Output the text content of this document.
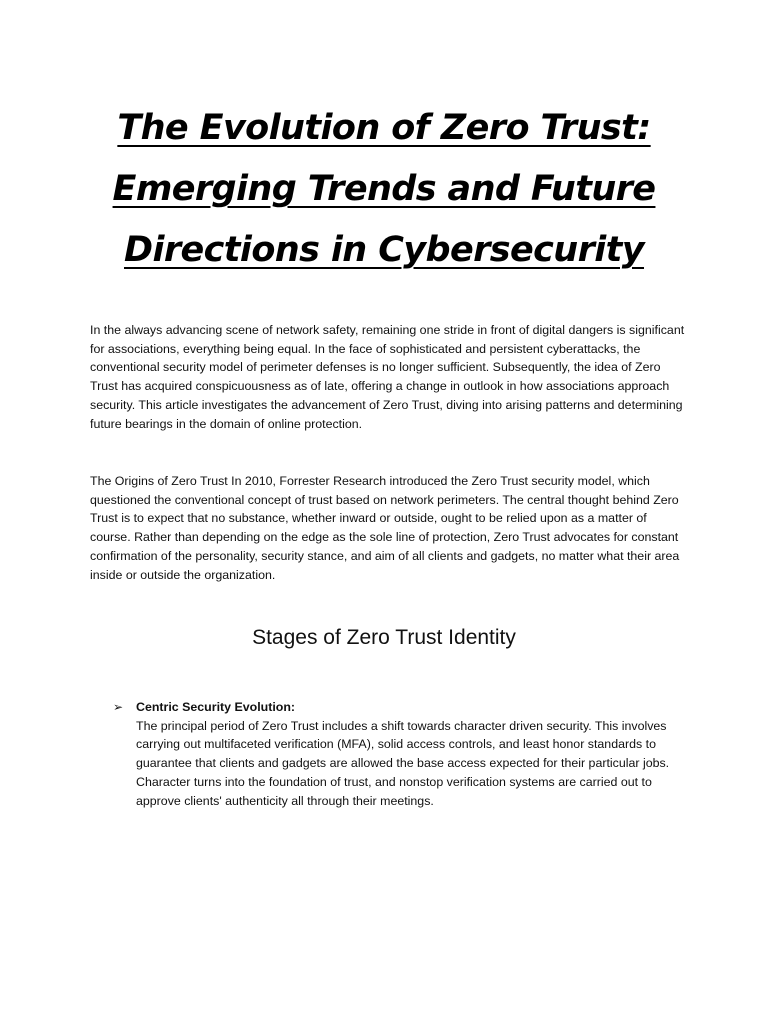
The Evolution of Zero Trust: Emerging Trends and Future Directions in Cybersecurity

In the always advancing scene of network safety, remaining one stride in front of digital dangers is significant for associations, everything being equal. In the face of sophisticated and persistent cyberattacks, the conventional security model of perimeter defenses is no longer sufficient. Subsequently, the idea of Zero Trust has acquired conspicuousness as of late, offering a change in outlook in how associations approach security. This article investigates the advancement of Zero Trust, diving into arising patterns and determining future bearings in the domain of online protection.

The Origins of Zero Trust In 2010, Forrester Research introduced the Zero Trust security model, which questioned the conventional concept of trust based on network perimeters. The central thought behind Zero Trust is to expect that no substance, whether inward or outside, ought to be relied upon as a matter of course. Rather than depending on the edge as the sole line of protection, Zero Trust advocates for constant confirmation of the personality, security stance, and aim of all clients and gadgets, no matter what their area inside or outside the organization.

Stages of Zero Trust Identity
➢ Centric Security Evolution:

The principal period of Zero Trust includes a shift towards character driven security. This involves carrying out multifaceted verification (MFA), solid access controls, and least honor standards to guarantee that clients and gadgets are allowed the base access expected for their particular jobs. Character turns into the foundation of trust, and nonstop verification systems are carried out to approve clients' authenticity all through their meetings.
